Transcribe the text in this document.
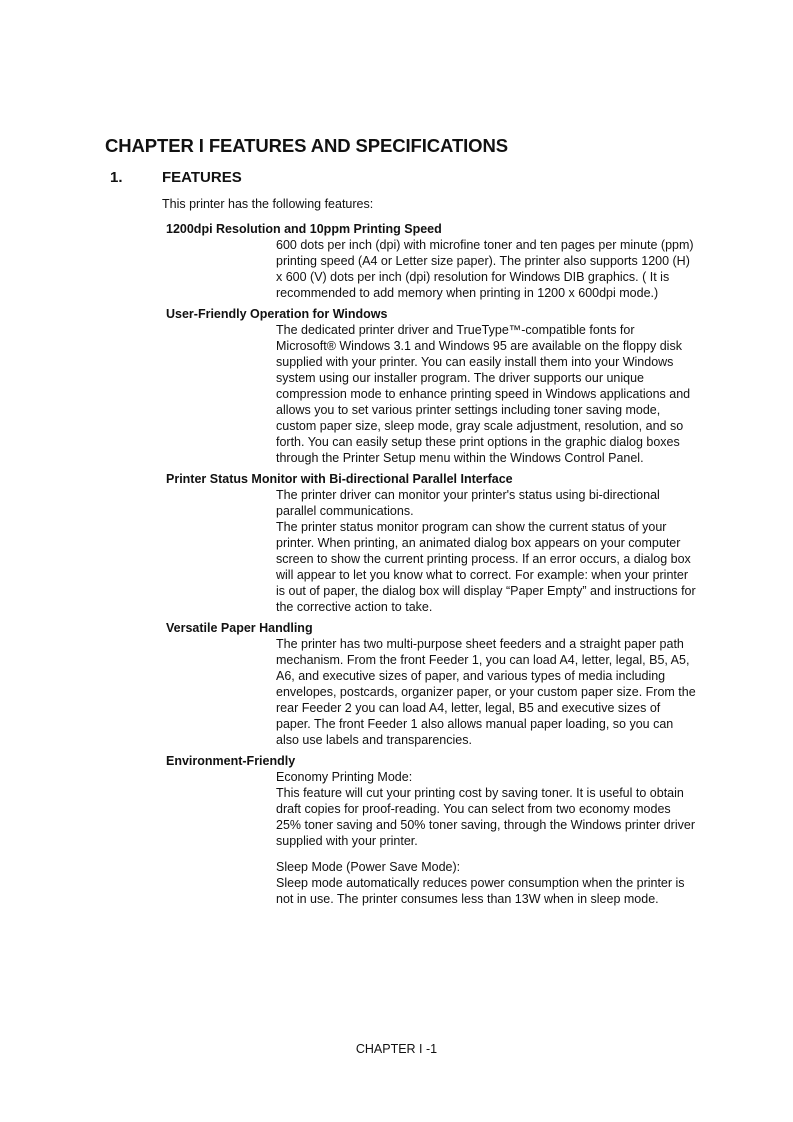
CHAPTER I FEATURES AND SPECIFICATIONS
1.	FEATURES

This printer has the following features:

1200dpi Resolution and 10ppm Printing Speed

600 dots per inch (dpi) with microfine toner and ten pages per minute (ppm) printing speed (A4 or Letter size paper). The printer also supports 1200 (H) x 600 (V) dots per inch (dpi) resolution for Windows DIB graphics. ( It is recommended to add memory when printing in 1200 x 600dpi mode.)

User-Friendly Operation for Windows

The dedicated printer driver and TrueType™-compatible fonts for Microsoft® Windows 3.1 and Windows 95 are available on the floppy disk supplied with your printer. You can easily install them into your Windows system using our installer program. The driver supports our unique compression mode to enhance printing speed in Windows applications and allows you to set various printer settings including toner saving mode, custom paper size, sleep mode, gray scale adjustment, resolution, and so forth. You can easily setup these print options in the graphic dialog boxes through the Printer Setup menu within the Windows Control Panel.

Printer Status Monitor with Bi-directional Parallel Interface

The printer driver can monitor your printer's status using bi-directional parallel communications.

The printer status monitor program can show the current status of your printer. When printing, an animated dialog box appears on your computer screen to show the current printing process. If an error occurs, a dialog box will appear to let you know what to correct. For example: when your printer is out of paper, the dialog box will display “Paper Empty” and instructions for the corrective action to take.

Versatile Paper Handling

The printer has two multi-purpose sheet feeders and a straight paper path mechanism. From the front Feeder 1, you can load A4, letter, legal, B5, A5, A6, and executive sizes of paper, and various types of media including envelopes, postcards, organizer paper, or your custom paper size. From the rear Feeder 2 you can load A4, letter, legal, B5 and executive sizes of paper. The front Feeder 1 also allows manual paper loading, so you can also use labels and transparencies.

Environment-Friendly

Economy Printing Mode:

This feature will cut your printing cost by saving toner. It is useful to obtain draft copies for proof-reading. You can select from two economy modes 25% toner saving and 50% toner saving, through the Windows printer driver supplied with your printer.

Sleep Mode (Power Save Mode):

Sleep mode automatically reduces power consumption when the printer is not in use. The printer consumes less than 13W when in sleep mode.

CHAPTER I -1
